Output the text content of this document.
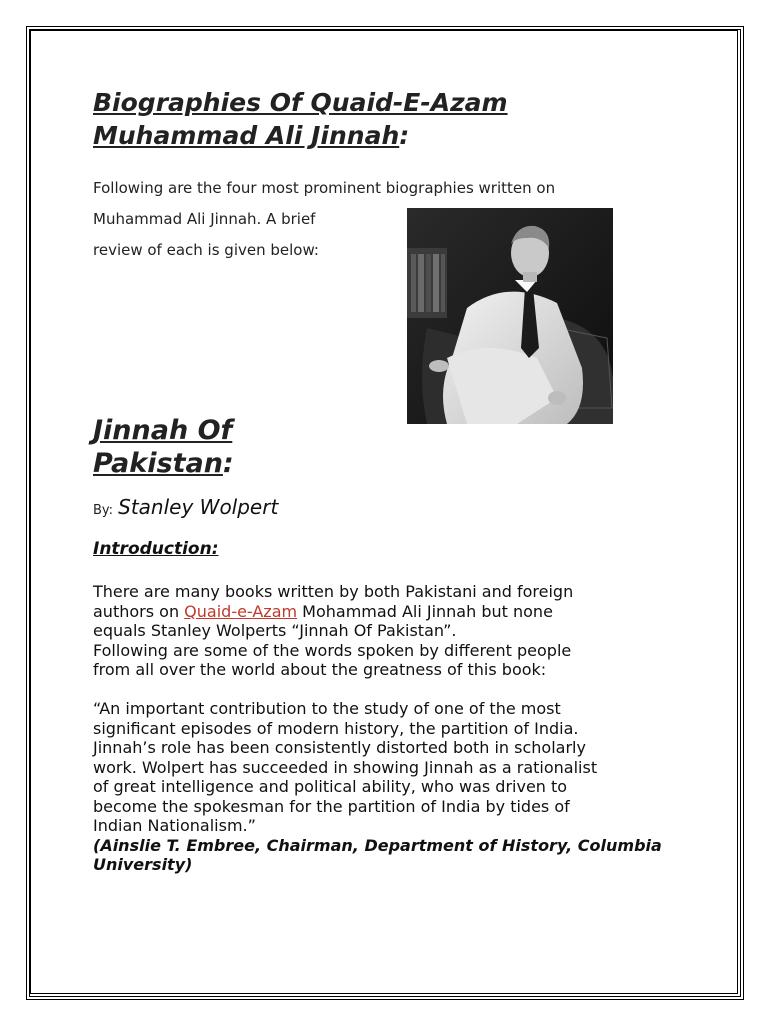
Biographies Of Quaid-E-Azam
Muhammad Ali Jinnah:

Following are the four most prominent biographies written on

Muhammad Ali Jinnah. A brief

review of each is given below:

Jinnah Of
Pakistan:

By: Stanley Wolpert

Introduction:

There are many books written by both Pakistani and foreign
authors on Quaid-e-Azam Mohammad Ali Jinnah but none
equals Stanley Wolperts “Jinnah Of Pakistan”.
Following are some of the words spoken by different people
from all over the world about the greatness of this book:

“An important contribution to the study of one of the most
significant episodes of modern history, the partition of India.
Jinnah’s role has been consistently distorted both in scholarly
work. Wolpert has succeeded in showing Jinnah as a rationalist
of great intelligence and political ability, who was driven to
become the spokesman for the partition of India by tides of
Indian Nationalism.”
(Ainslie T. Embree, Chairman, Department of History, Columbia
University)
